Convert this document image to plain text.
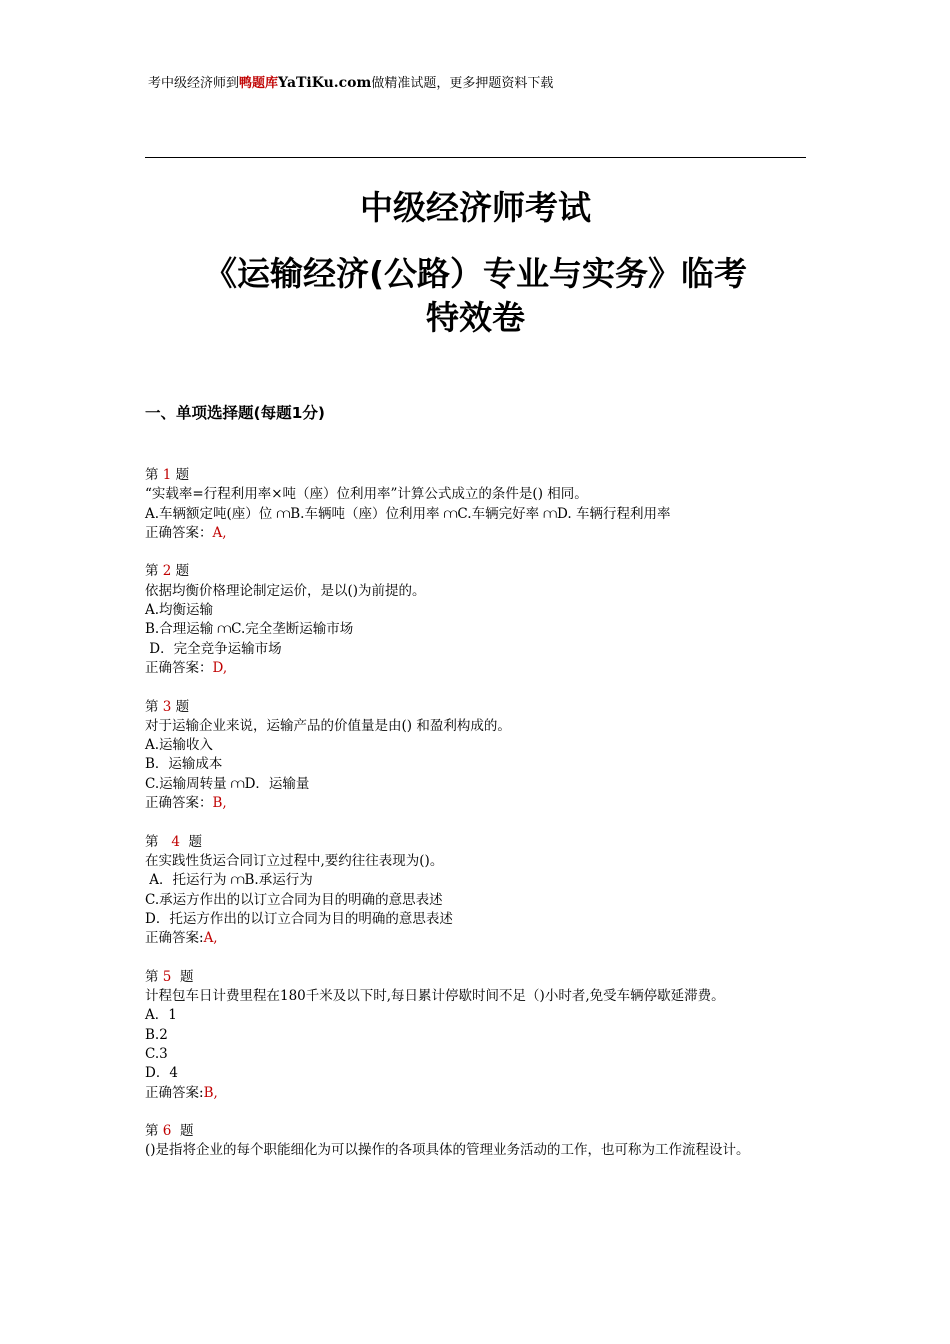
考中级经济师到鸭题库YaTiKu.com做精准试题，更多押题资料下载
中级经济师考试
《运输经济(公路）专业与实务》临考
特效卷
一、单项选择题(每题1分)
第 1 题
“实载率=行程利用率×吨（座）位利用率”计算公式成立的条件是() 相同。
A.车辆额定吨(座）位 ⩋B.车辆吨（座）位利用率 ⩋C.车辆完好率 ⩋D. 车辆行程利用率
正确答案：A,
第 2 题
依据均衡价格理论制定运价，是以()为前提的。
A.均衡运输
B.合理运输 ⩋C.完全垄断运输市场
D．完全竞争运输市场
正确答案：D,
第 3 题
对于运输企业来说，运输产品的价值量是由() 和盈利构成的。
A.运输收入
B．运输成本
C.运输周转量 ⩋D．运输量
正确答案：B,
第   4  题
在实践性货运合同订立过程中,要约往往表现为()。
A．托运行为 ⩋B.承运行为
C.承运方作出的以订立合同为目的明确的意思表述
D．托运方作出的以订立合同为目的明确的意思表述
正确答案:A,
第 5  题
计程包车日计费里程在180千米及以下时,每日累计停歇时间不足（)小时者,免受车辆停歇延滞费。
A．1
B.2
C.3
D．4
正确答案:B,
第 6  题
()是指将企业的每个职能细化为可以操作的各项具体的管理业务活动的工作，也可称为工作流程设计。
